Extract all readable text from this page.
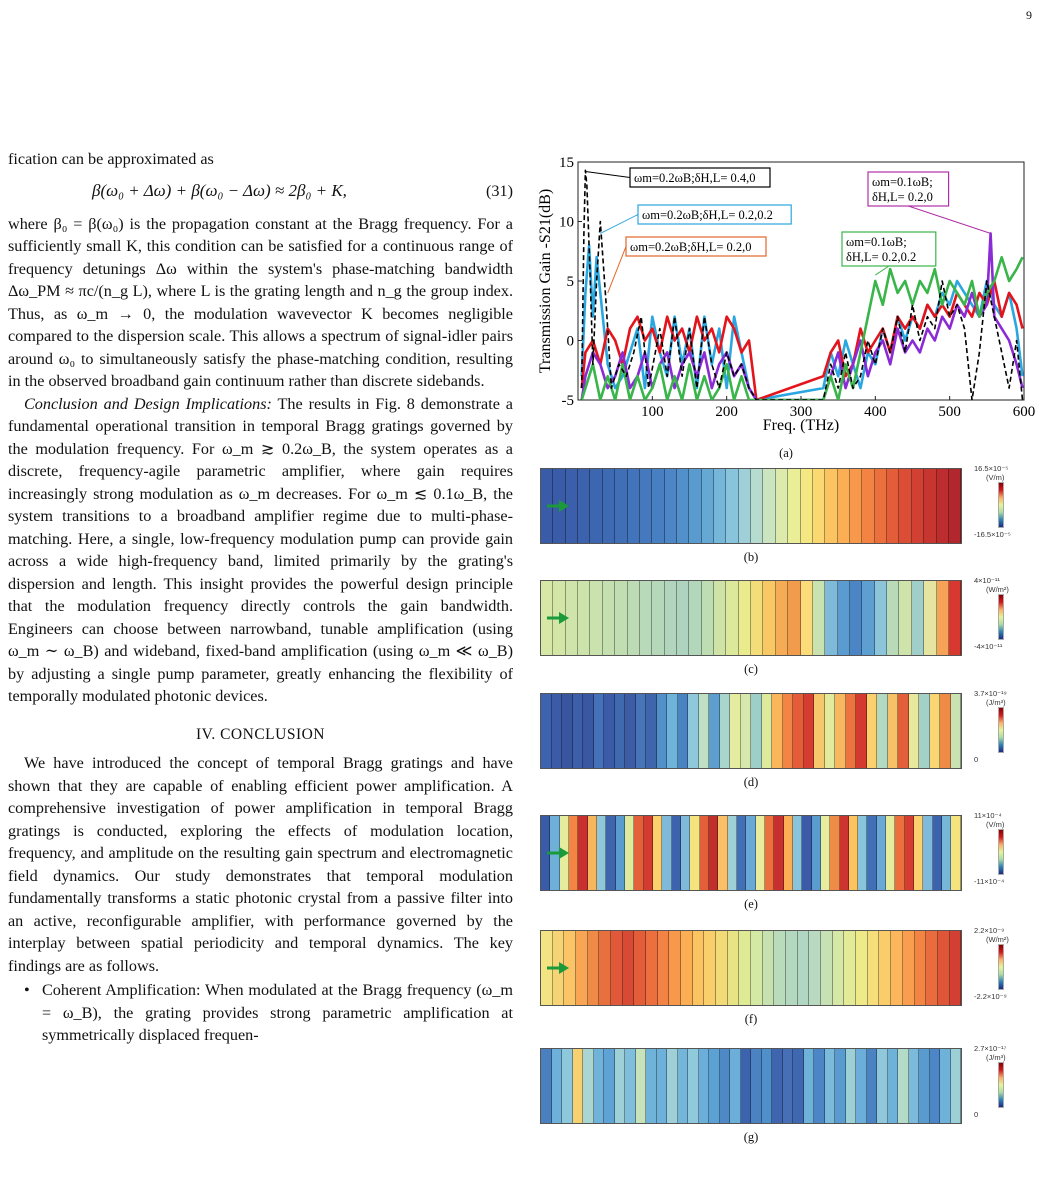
9

fication can be approximated as

β(ω₀ + Δω) + β(ω₀ − Δω) ≈ 2β₀ + K,	(31)

where β₀ = β(ω₀) is the propagation constant at the Bragg frequency. For a sufficiently small K, this condition can be satisfied for a continuous range of frequency detunings Δω within the system's phase-matching bandwidth Δω_PM ≈ πc/(n_g L), where L is the grating length and n_g the group index. Thus, as ω_m → 0, the modulation wavevector K becomes negligible compared to the dispersion scale. This allows a spectrum of signal-idler pairs around ω₀ to simultaneously satisfy the phase-matching condition, resulting in the observed broadband gain continuum rather than discrete sidebands.

Conclusion and Design Implications: The results in Fig. 8 demonstrate a fundamental operational transition in temporal Bragg gratings governed by the modulation frequency. For ω_m ≳ 0.2ω_B, the system operates as a discrete, frequency-agile parametric amplifier, where gain requires increasingly strong modulation as ω_m decreases. For ω_m ≲ 0.1ω_B, the system transitions to a broadband amplifier regime due to multi-phase-matching. Here, a single, low-frequency modulation pump can provide gain across a wide high-frequency band, limited primarily by the grating's dispersion and length. This insight provides the powerful design principle that the modulation frequency directly controls the gain bandwidth. Engineers can choose between narrowband, tunable amplification (using ω_m ∼ ω_B) and wideband, fixed-band amplification (using ω_m ≪ ω_B) by adjusting a single pump parameter, greatly enhancing the flexibility of temporally modulated photonic devices.

IV. CONCLUSION

We have introduced the concept of temporal Bragg gratings and have shown that they are capable of enabling efficient power amplification. A comprehensive investigation of power amplification in temporal Bragg gratings is conducted, exploring the effects of modulation location, frequency, and amplitude on the resulting gain spectrum and electromagnetic field dynamics. Our study demonstrates that temporal modulation fundamentally transforms a static photonic crystal from a passive filter into an active, reconfigurable amplifier, with performance governed by the interplay between spatial periodicity and temporal dynamics. The key findings are as follows.

• Coherent Amplification: When modulated at the Bragg frequency (ω_m = ω_B), the grating provides strong parametric amplification at symmetrically displaced frequen-
100	200	300	400	500	600
-5
0
5
10
15
Freq. (THz)
Transmission Gain -S21(dB)
ωm=0.2ωB;δH,L= 0.4,0
ωm=0.2ωB;δH,L= 0.2,0.2
ωm=0.2ωB;δH,L= 0.2,0
ωm=0.1ωB;
δH,L= 0.2,0
ωm=0.1ωB;
δH,L= 0.2,0.2
(a)
16.5×10⁻⁵
(V/m)
-16.5×10⁻⁵
(b)
4×10⁻¹¹
(W/m²)
-4×10⁻¹¹
(c)
3.7×10⁻¹⁹
(J/m³)
0
(d)
11×10⁻⁴
(V/m)
-11×10⁻⁴
(e)
2.2×10⁻⁹
(W/m²)
-2.2×10⁻⁹
(f)
2.7×10⁻¹⁷
(J/m³)
0
(g)
